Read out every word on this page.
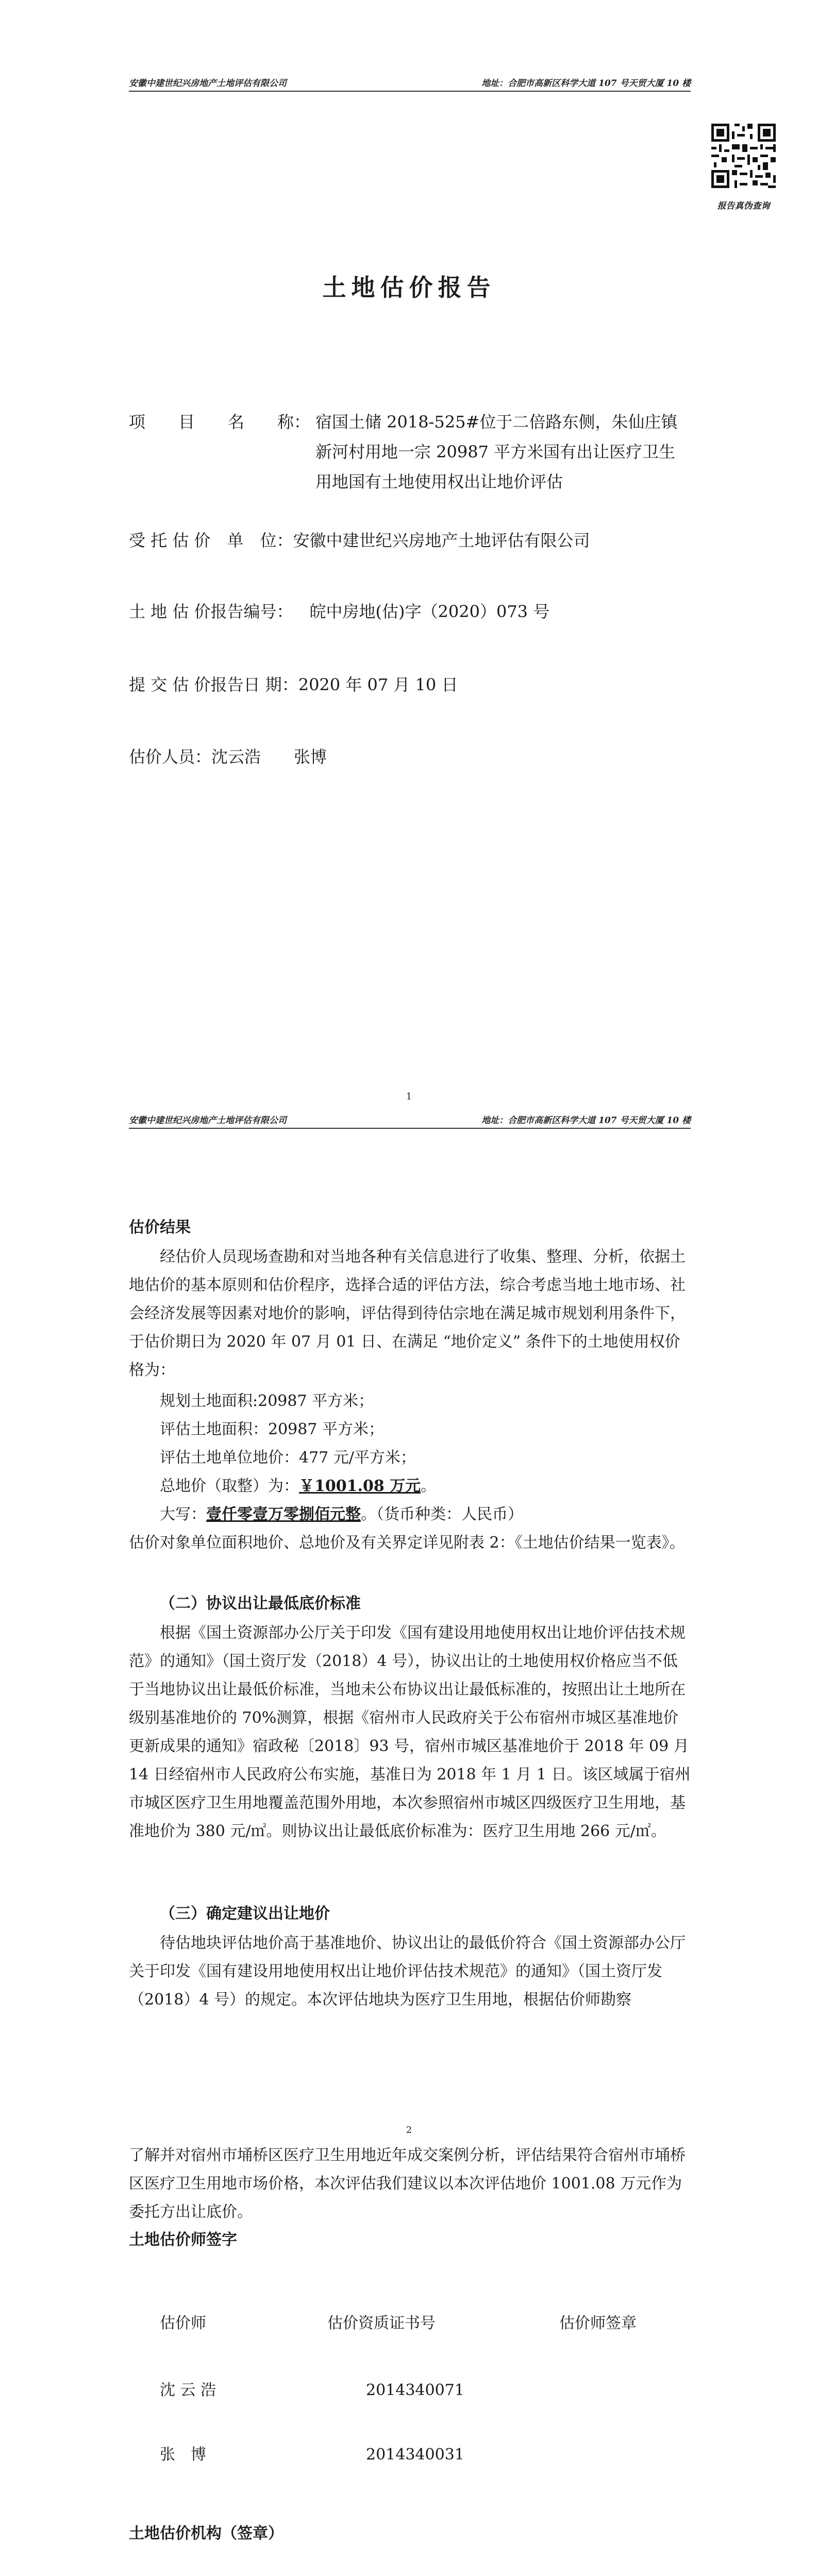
安徽中建世纪兴房地产土地评估有限公司	地址：合肥市高新区科学大道 107 号天贸大厦 10 楼
报告真伪查询
土地估价报告
项　　目　　名　　称： 宿国土储 2018-525#位于二倍路东侧，朱仙庄镇新河村用地一宗 20987 平方米国有出让医疗卫生用地国有土地使用权出让地价评估
受 托 估 价　单　位：安徽中建世纪兴房地产土地评估有限公司
土 地 估 价报告编号：　 皖中房地(估)字（2020）073 号
提 交 估 价报告日 期：2020 年 07 月 10 日
估价人员：沈云浩　　张博
1
安徽中建世纪兴房地产土地评估有限公司	地址：合肥市高新区科学大道 107 号天贸大厦 10 楼
估价结果
经估价人员现场查勘和对当地各种有关信息进行了收集、整理、分析，依据土地估价的基本原则和估价程序，选择合适的评估方法，综合考虑当地土地市场、社会经济发展等因素对地价的影响，评估得到待估宗地在满足城市规划利用条件下，于估价期日为 2020 年 07 月 01 日、在满足 “地价定义” 条件下的土地使用权价格为：
规划土地面积:20987 平方米；
评估土地面积：20987 平方米；
评估土地单位地价：477 元/平方米；
总地价（取整）为：￥1001.08 万元。
大写：壹仟零壹万零捌佰元整。（货币种类：人民币）
估价对象单位面积地价、总地价及有关界定详见附表 2：《土地估价结果一览表》。
（二）协议出让最低底价标准
根据《国土资源部办公厅关于印发《国有建设用地使用权出让地价评估技术规范》的通知》（国土资厅发（2018）4 号），协议出让的土地使用权价格应当不低于当地协议出让最低价标准，当地未公布协议出让最低标准的，按照出让土地所在级别基准地价的 70%测算，根据《宿州市人民政府关于公布宿州市城区基准地价更新成果的通知》宿政秘〔2018〕93 号，宿州市城区基准地价于 2018 年 09 月 14 日经宿州市人民政府公布实施，基准日为 2018 年 1 月 1 日。该区域属于宿州市城区医疗卫生用地覆盖范围外用地，本次参照宿州市城区四级医疗卫生用地，基准地价为 380 元/㎡。则协议出让最低底价标准为：医疗卫生用地 266 元/㎡。
（三）确定建议出让地价
待估地块评估地价高于基准地价、协议出让的最低价符合《国土资源部办公厅关于印发《国有建设用地使用权出让地价评估技术规范》的通知》（国土资厅发（2018）4 号）的规定。本次评估地块为医疗卫生用地，根据估价师勘察
2
了解并对宿州市埇桥区医疗卫生用地近年成交案例分析，评估结果符合宿州市埇桥区医疗卫生用地市场价格，本次评估我们建议以本次评估地价 1001.08 万元作为委托方出让底价。
土地估价师签字
估价师	估价资质证书号	估价师签章
沈 云 浩	2014340071
张　博	2014340031
土地估价机构（签章）
